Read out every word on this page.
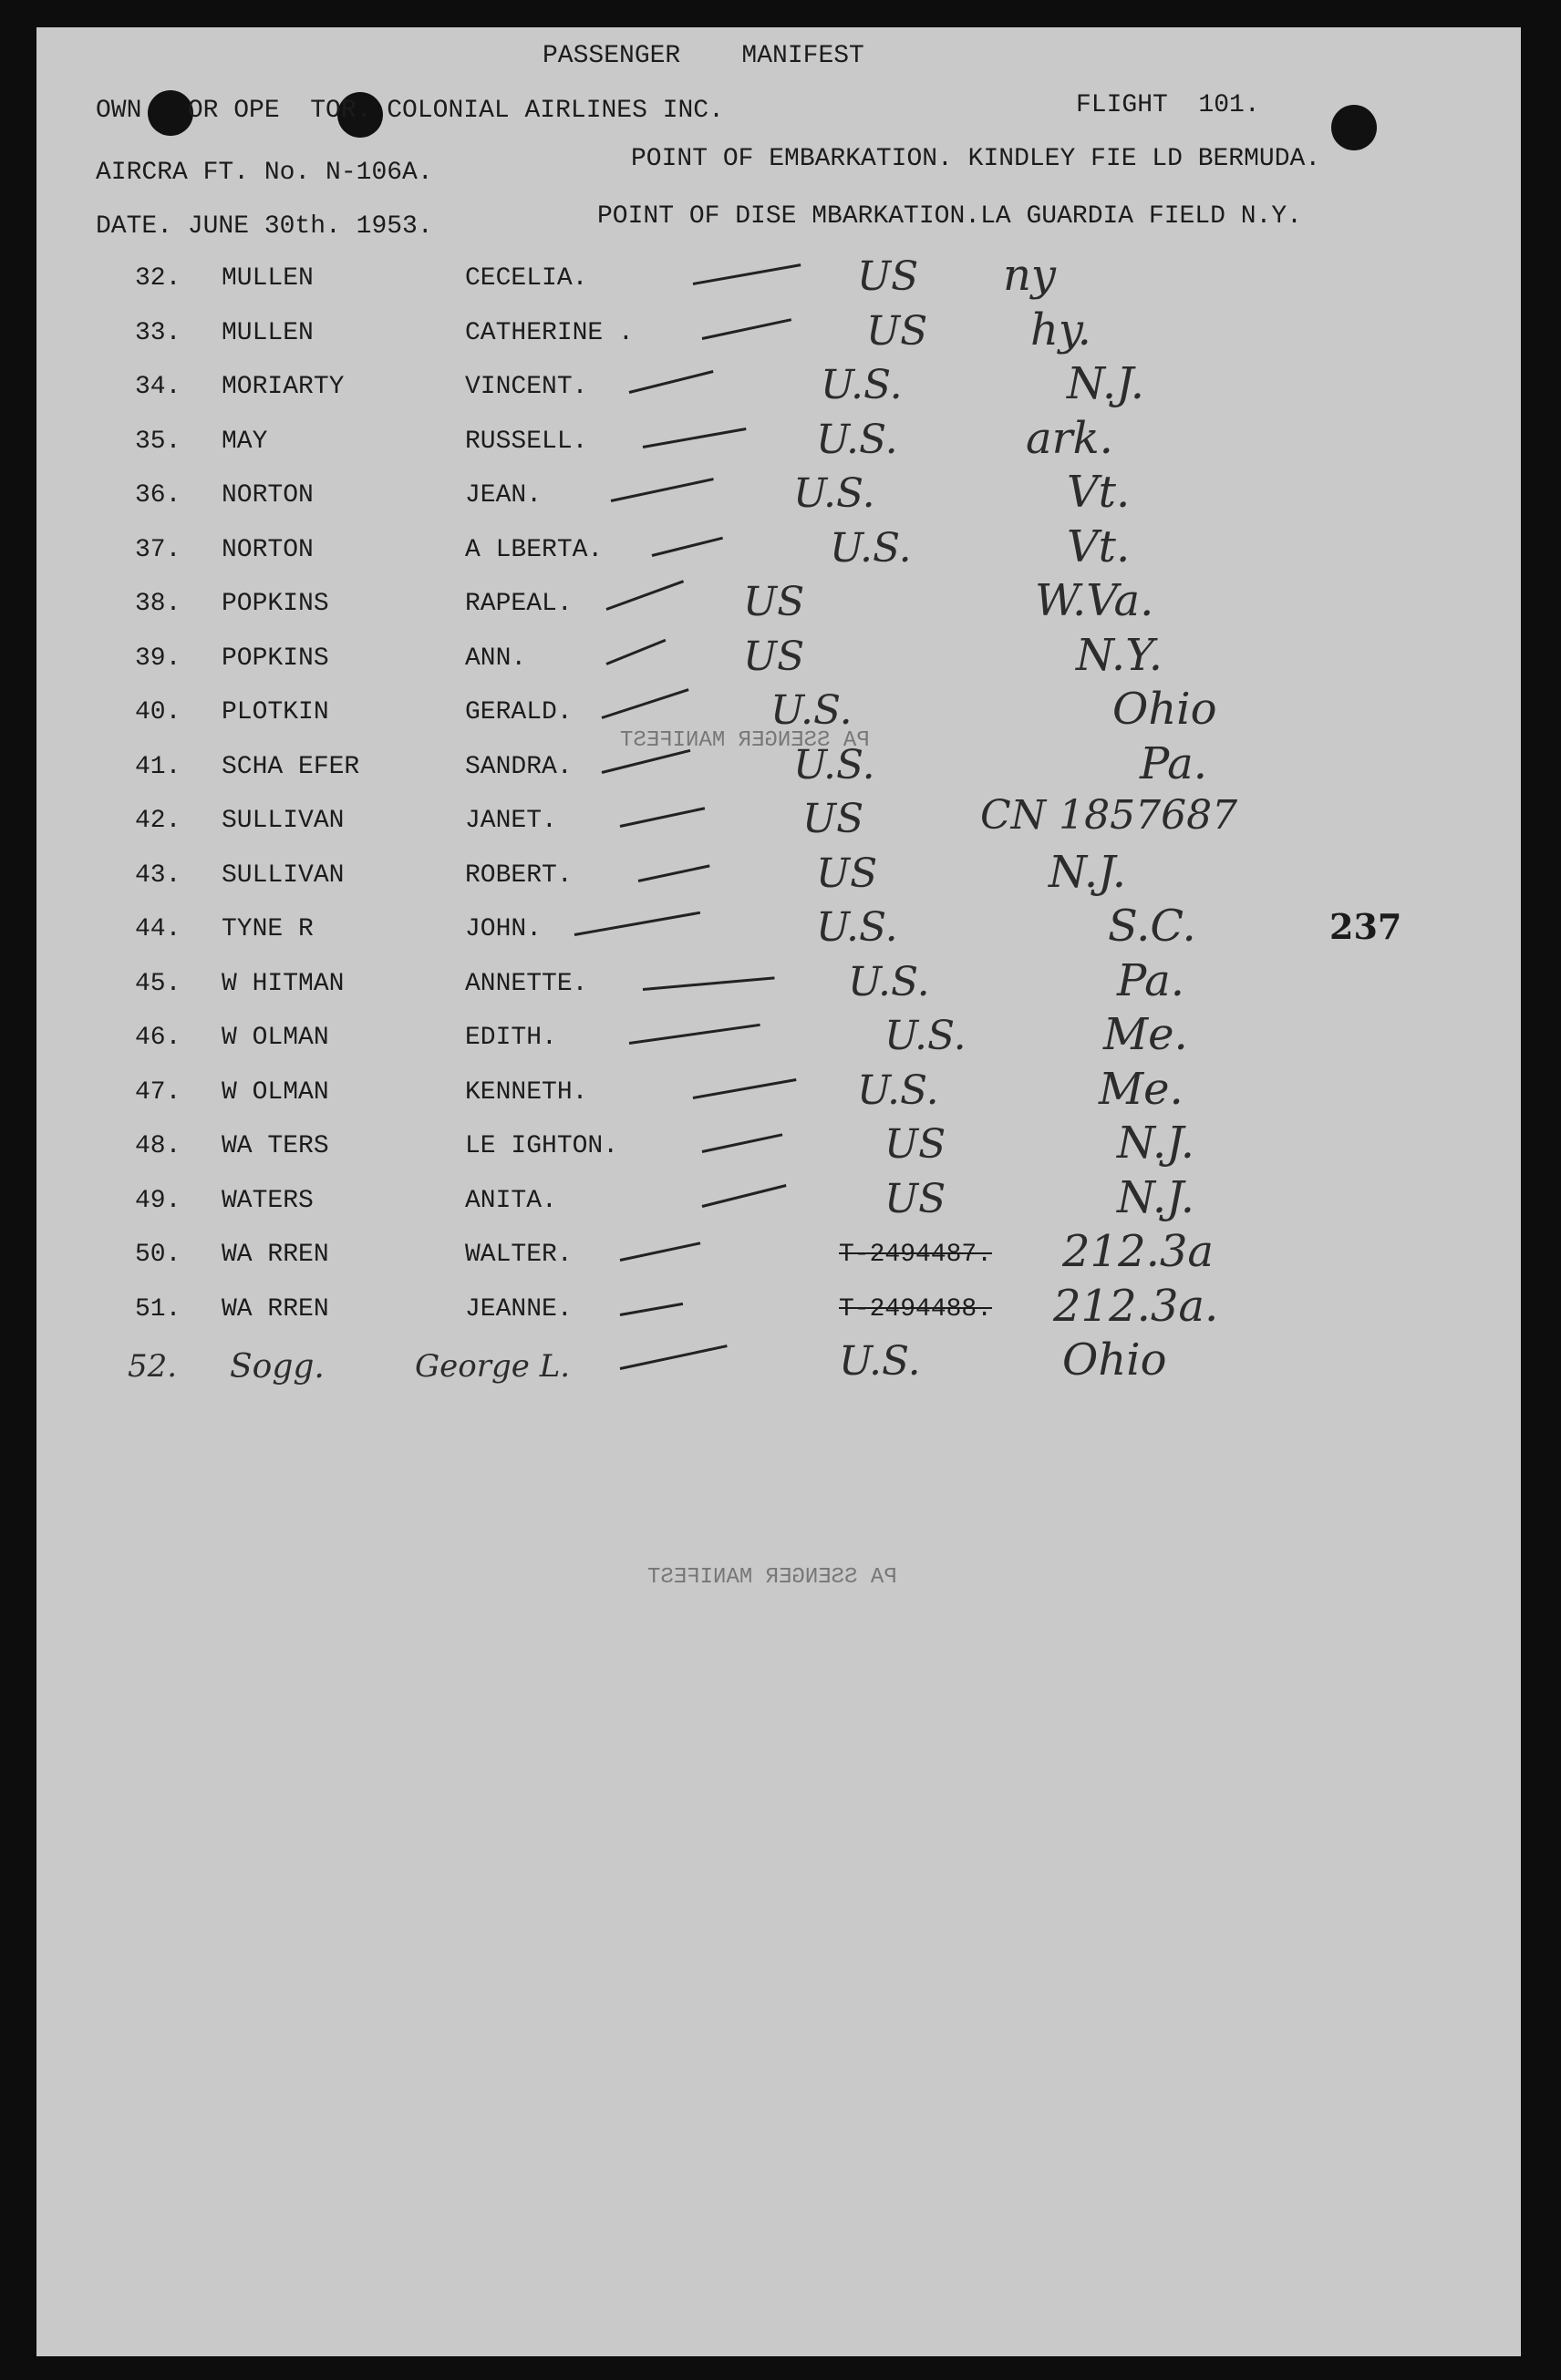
PASSENGER    MANIFEST
OWN   OR OPE  TOR. COLONIAL AIRLINES INC.	FLIGHT  101.
AIRCRA FT. No. N-106A.	POINT OF EMBARKATION. KINDLEY FIE LD BERMUDA.
DATE. JUNE 30th. 1953.	POINT OF DISE MBARKATION.LA GUARDIA FIELD N.Y.
32. MULLEN	CECELIA.	US ny
33. MULLEN	CATHERINE .	US hy.
34. MORIARTY	VINCENT.	U.S.	N.J.
35. MAY	RUSSELL.	U.S.	ark.
36. NORTON	JEAN.	U.S.	Vt.
37. NORTON	A LBERTA.	U.S.	Vt.
38. POPKINS	RAPEAL.	US	W.Va.
39. POPKINS	ANN.	US	N.Y.
40. PLOTKIN	GERALD.	U.S.	Ohio
41. SCHA EFER	SANDRA.	U.S.	Pa.
42. SULLIVAN	JANET.	US	CN 1857687
43. SULLIVAN	ROBERT.	US	N.J.
44. TYNE R	JOHN.	U.S.	S.C.
45. W HITMAN	ANNETTE.	U.S.	Pa.
46. W OLMAN	EDITH.	U.S.	Me.
47. W OLMAN	KENNETH.	U.S.	Me.
48. WA TERS	LE IGHTON.	US	N.J.
49. WATERS	ANITA.	US	N.J.
50. WA RREN	WALTER.	T-2494487. 212.3a
51. WA RREN	JEANNE.	T-2494488. 212.3a.
52. Sogg.	George L.	U.S.	Ohio
237
PA SSENGER MANIFEST
PA SSENGER MANIFEST
